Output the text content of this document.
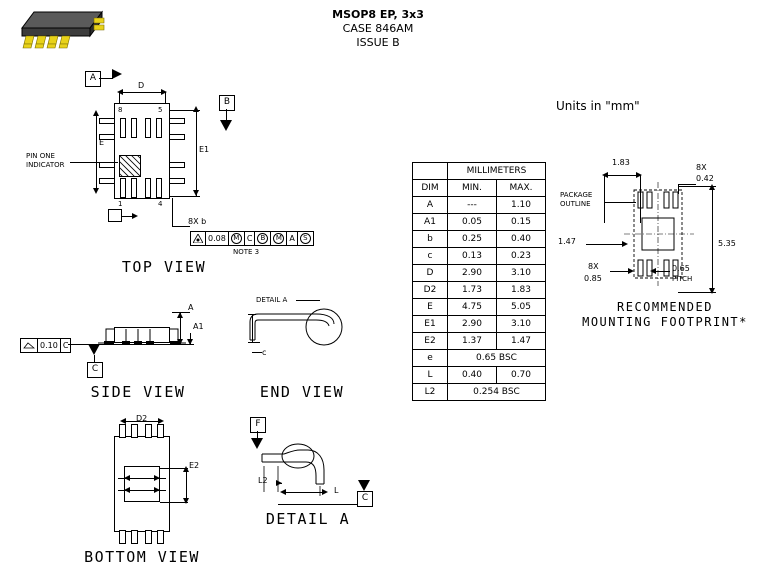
MSOP8 EP, 3x3
CASE 846AM
ISSUE B
Units in "mm"
A
B
PIN ONE
INDICATOR
8	5
1	4
D
E
E1
8X b
0.08	M C	B	M A	S
NOTE 3
TOP VIEW
A
A1
0.10 C
C
SIDE VIEW
DETAIL A
c
END VIEW
D2
E2
BOTTOM VIEW
F
L2
L
C
DETAIL A
	MILLIMETERS	
DIM	MIN.	MAX.
A	---	1.10
A1	0.05	0.15
b	0.25	0.40
c	0.13	0.23
D	2.90	3.10
D2	1.73	1.83
E	4.75	5.05
E1	2.90	3.10
E2	1.37	1.47
e	0.65 BSC	
L	0.40	0.70
L2	0.254 BSC	
1.83
8X
0.42
PACKAGE
OUTLINE
1.47	5.35
8X
0.85
0.65
PITCH
RECOMMENDED
MOUNTING FOOTPRINT*
